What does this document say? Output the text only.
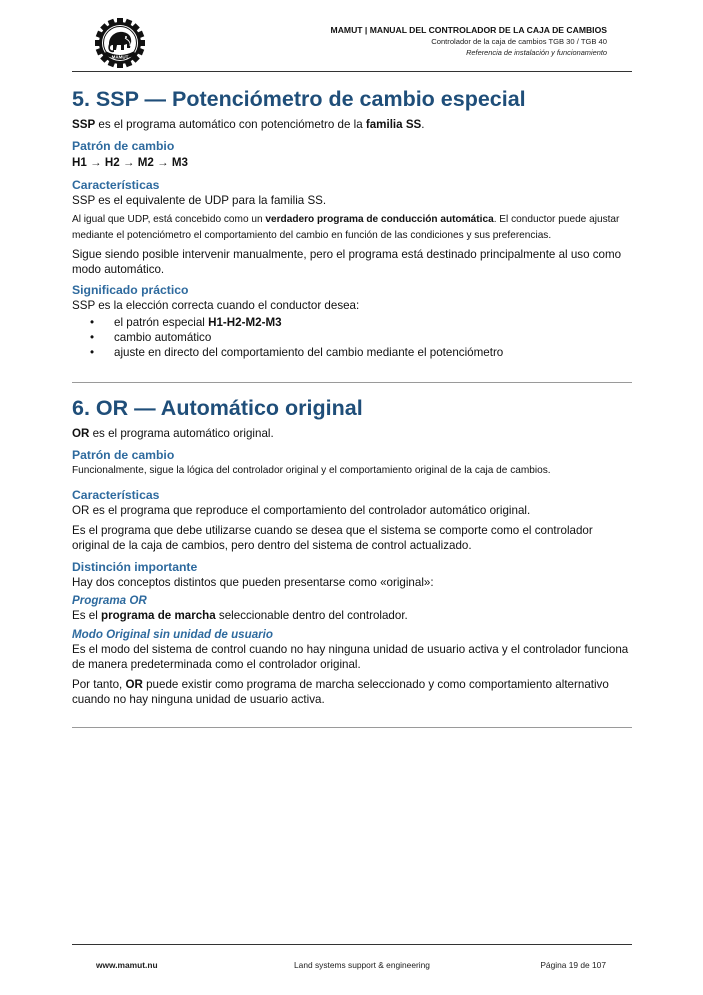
MAMUT
MAMUT | MANUAL DEL CONTROLADOR DE LA CAJA DE CAMBIOS
Controlador de la caja de cambios TGB 30 / TGB 40
Referencia de instalación y funcionamiento
5. SSP — Potenciómetro de cambio especial

SSP es el programa automático con potenciómetro de la familia SS.

Patrón de cambio

H1 → H2 → M2 → M3

Características

SSP es el equivalente de UDP para la familia SS.

Al igual que UDP, está concebido como un verdadero programa de conducción automática. El conductor puede ajustar mediante el potenciómetro el comportamiento del cambio en función de las condiciones y sus preferencias.

Sigue siendo posible intervenir manualmente, pero el programa está destinado principalmente al uso como modo automático.

Significado práctico

SSP es la elección correcta cuando el conductor desea:

• el patrón especial H1-H2-M2-M3
• cambio automático
• ajuste en directo del comportamiento del cambio mediante el potenciómetro
6. OR — Automático original

OR es el programa automático original.

Patrón de cambio

Funcionalmente, sigue la lógica del controlador original y el comportamiento original de la caja de cambios.

Características

OR es el programa que reproduce el comportamiento del controlador automático original.

Es el programa que debe utilizarse cuando se desea que el sistema se comporte como el controlador original de la caja de cambios, pero dentro del sistema de control actualizado.

Distinción importante

Hay dos conceptos distintos que pueden presentarse como «original»:

Programa OR

Es el programa de marcha seleccionable dentro del controlador.

Modo Original sin unidad de usuario

Es el modo del sistema de control cuando no hay ninguna unidad de usuario activa y el controlador funciona de manera predeterminada como el controlador original.

Por tanto, OR puede existir como programa de marcha seleccionado y como comportamiento alternativo cuando no hay ninguna unidad de usuario activa.

www.mamut.nu	Land systems support & engineering	Página 19 de 107
